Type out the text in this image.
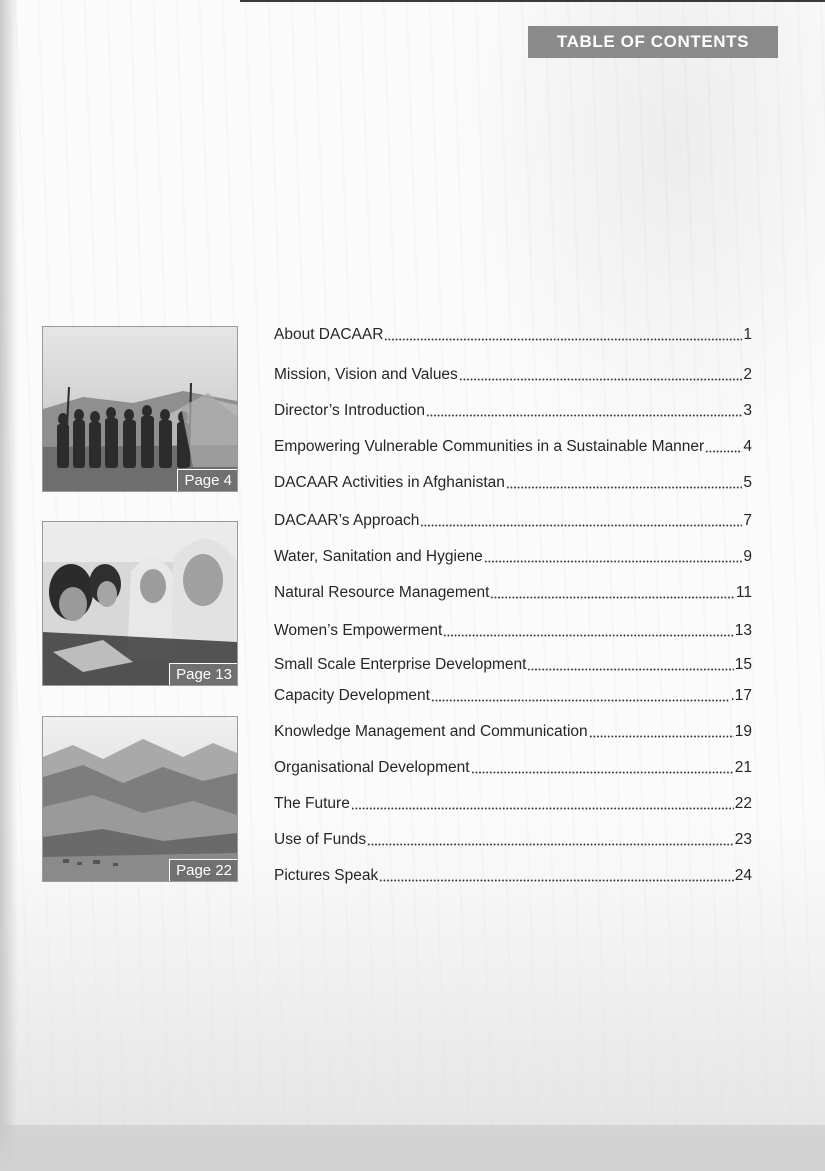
TABLE OF CONTENTS
Page 4
Page 13
Page 22
About DACAAR	1
Mission, Vision and Values	2
Director’s Introduction	3
Empowering Vulnerable Communities in a Sustainable Manner	4
DACAAR Activities in Afghanistan	5
DACAAR’s Approach	7
Water, Sanitation and Hygiene	9
Natural Resource Management	11
Women’s Empowerment	13
Small Scale Enterprise Development	15
Capacity Development	.17
Knowledge Management and Communication	19
Organisational Development	21
The Future	22
Use of Funds	23
Pictures Speak	24
